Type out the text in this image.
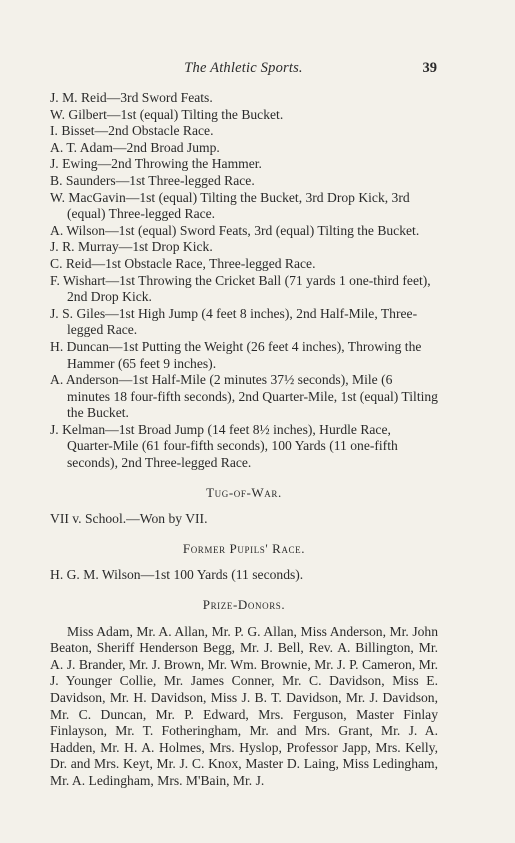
The Athletic Sports.	39

J. M. Reid—3rd Sword Feats.

W. Gilbert—1st (equal) Tilting the Bucket.

I. Bisset—2nd Obstacle Race.

A. T. Adam—2nd Broad Jump.

J. Ewing—2nd Throwing the Hammer.

B. Saunders—1st Three-legged Race.

W. MacGavin—1st (equal) Tilting the Bucket, 3rd Drop Kick, 3rd (equal) Three-legged Race.

A. Wilson—1st (equal) Sword Feats, 3rd (equal) Tilting the Bucket.

J. R. Murray—1st Drop Kick.

C. Reid—1st Obstacle Race, Three-legged Race.

F. Wishart—1st Throwing the Cricket Ball (71 yards 1 one-third feet), 2nd Drop Kick.

J. S. Giles—1st High Jump (4 feet 8 inches), 2nd Half-Mile, Three-legged Race.

H. Duncan—1st Putting the Weight (26 feet 4 inches), Throwing the Hammer (65 feet 9 inches).

A. Anderson—1st Half-Mile (2 minutes 37½ seconds), Mile (6 minutes 18 four-fifth seconds), 2nd Quarter-Mile, 1st (equal) Tilting the Bucket.

J. Kelman—1st Broad Jump (14 feet 8½ inches), Hurdle Race, Quarter-Mile (61 four-fifth seconds), 100 Yards (11 one-fifth seconds), 2nd Three-legged Race.

Tug-of-War.

VII v. School.—Won by VII.

Former Pupils' Race.

H. G. M. Wilson—1st 100 Yards (11 seconds).

Prize-Donors.

Miss Adam, Mr. A. Allan, Mr. P. G. Allan, Miss Anderson, Mr. John Beaton, Sheriff Henderson Begg, Mr. J. Bell, Rev. A. Billington, Mr. A. J. Brander, Mr. J. Brown, Mr. Wm. Brownie, Mr. J. P. Cameron, Mr. J. Younger Collie, Mr. James Conner, Mr. C. Davidson, Miss E. Davidson, Mr. H. Davidson, Miss J. B. T. Davidson, Mr. J. Davidson, Mr. C. Duncan, Mr. P. Edward, Mrs. Ferguson, Master Finlay Finlayson, Mr. T. Fotheringham, Mr. and Mrs. Grant, Mr. J. A. Hadden, Mr. H. A. Holmes, Mrs. Hyslop, Professor Japp, Mrs. Kelly, Dr. and Mrs. Keyt, Mr. J. C. Knox, Master D. Laing, Miss Ledingham, Mr. A. Ledingham, Mrs. M'Bain, Mr. J.
